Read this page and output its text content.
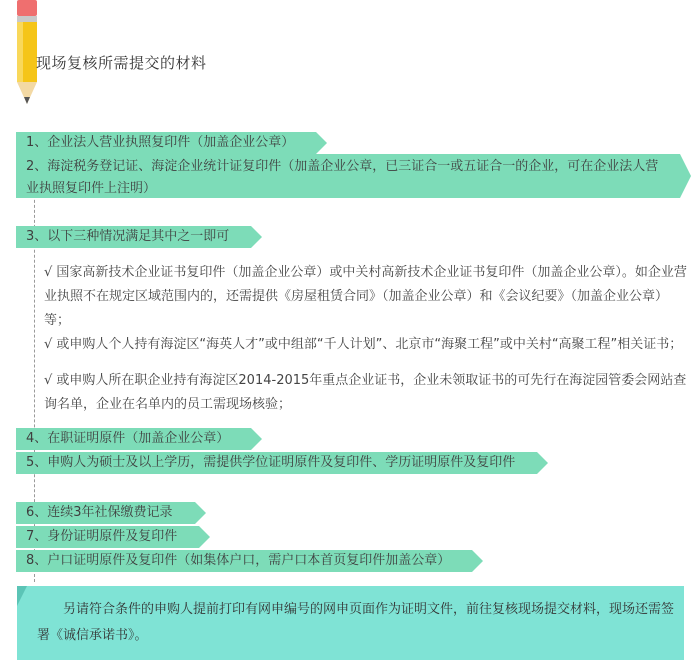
现场复核所需提交的材料
1、企业法人营业执照复印件（加盖企业公章）
2、海淀税务登记证、海淀企业统计证复印件（加盖企业公章，已三证合一或五证合一的企业，可在企业法人营业执照复印件上注明）
3、以下三种情况满足其中之一即可
√ 国家高新技术企业证书复印件（加盖企业公章）或中关村高新技术企业证书复印件（加盖企业公章）。如企业营业执照不在规定区域范围内的，还需提供《房屋租赁合同》（加盖企业公章）和《会议纪要》（加盖企业公章）等；
√ 或申购人个人持有海淀区“海英人才”或中组部“千人计划”、北京市“海聚工程”或中关村“高聚工程”相关证书；
√ 或申购人所在职企业持有海淀区2014-2015年重点企业证书，企业未领取证书的可先行在海淀园管委会网站查询名单，企业在名单内的员工需现场核验；
4、在职证明原件（加盖企业公章）
5、申购人为硕士及以上学历，需提供学位证明原件及复印件、学历证明原件及复印件
6、连续3年社保缴费记录
7、身份证明原件及复印件
8、户口证明原件及复印件（如集体户口，需户口本首页复印件加盖公章）
另请符合条件的申购人提前打印有网申编号的网申页面作为证明文件，前往复核现场提交材料，现场还需签署《诚信承诺书》。
